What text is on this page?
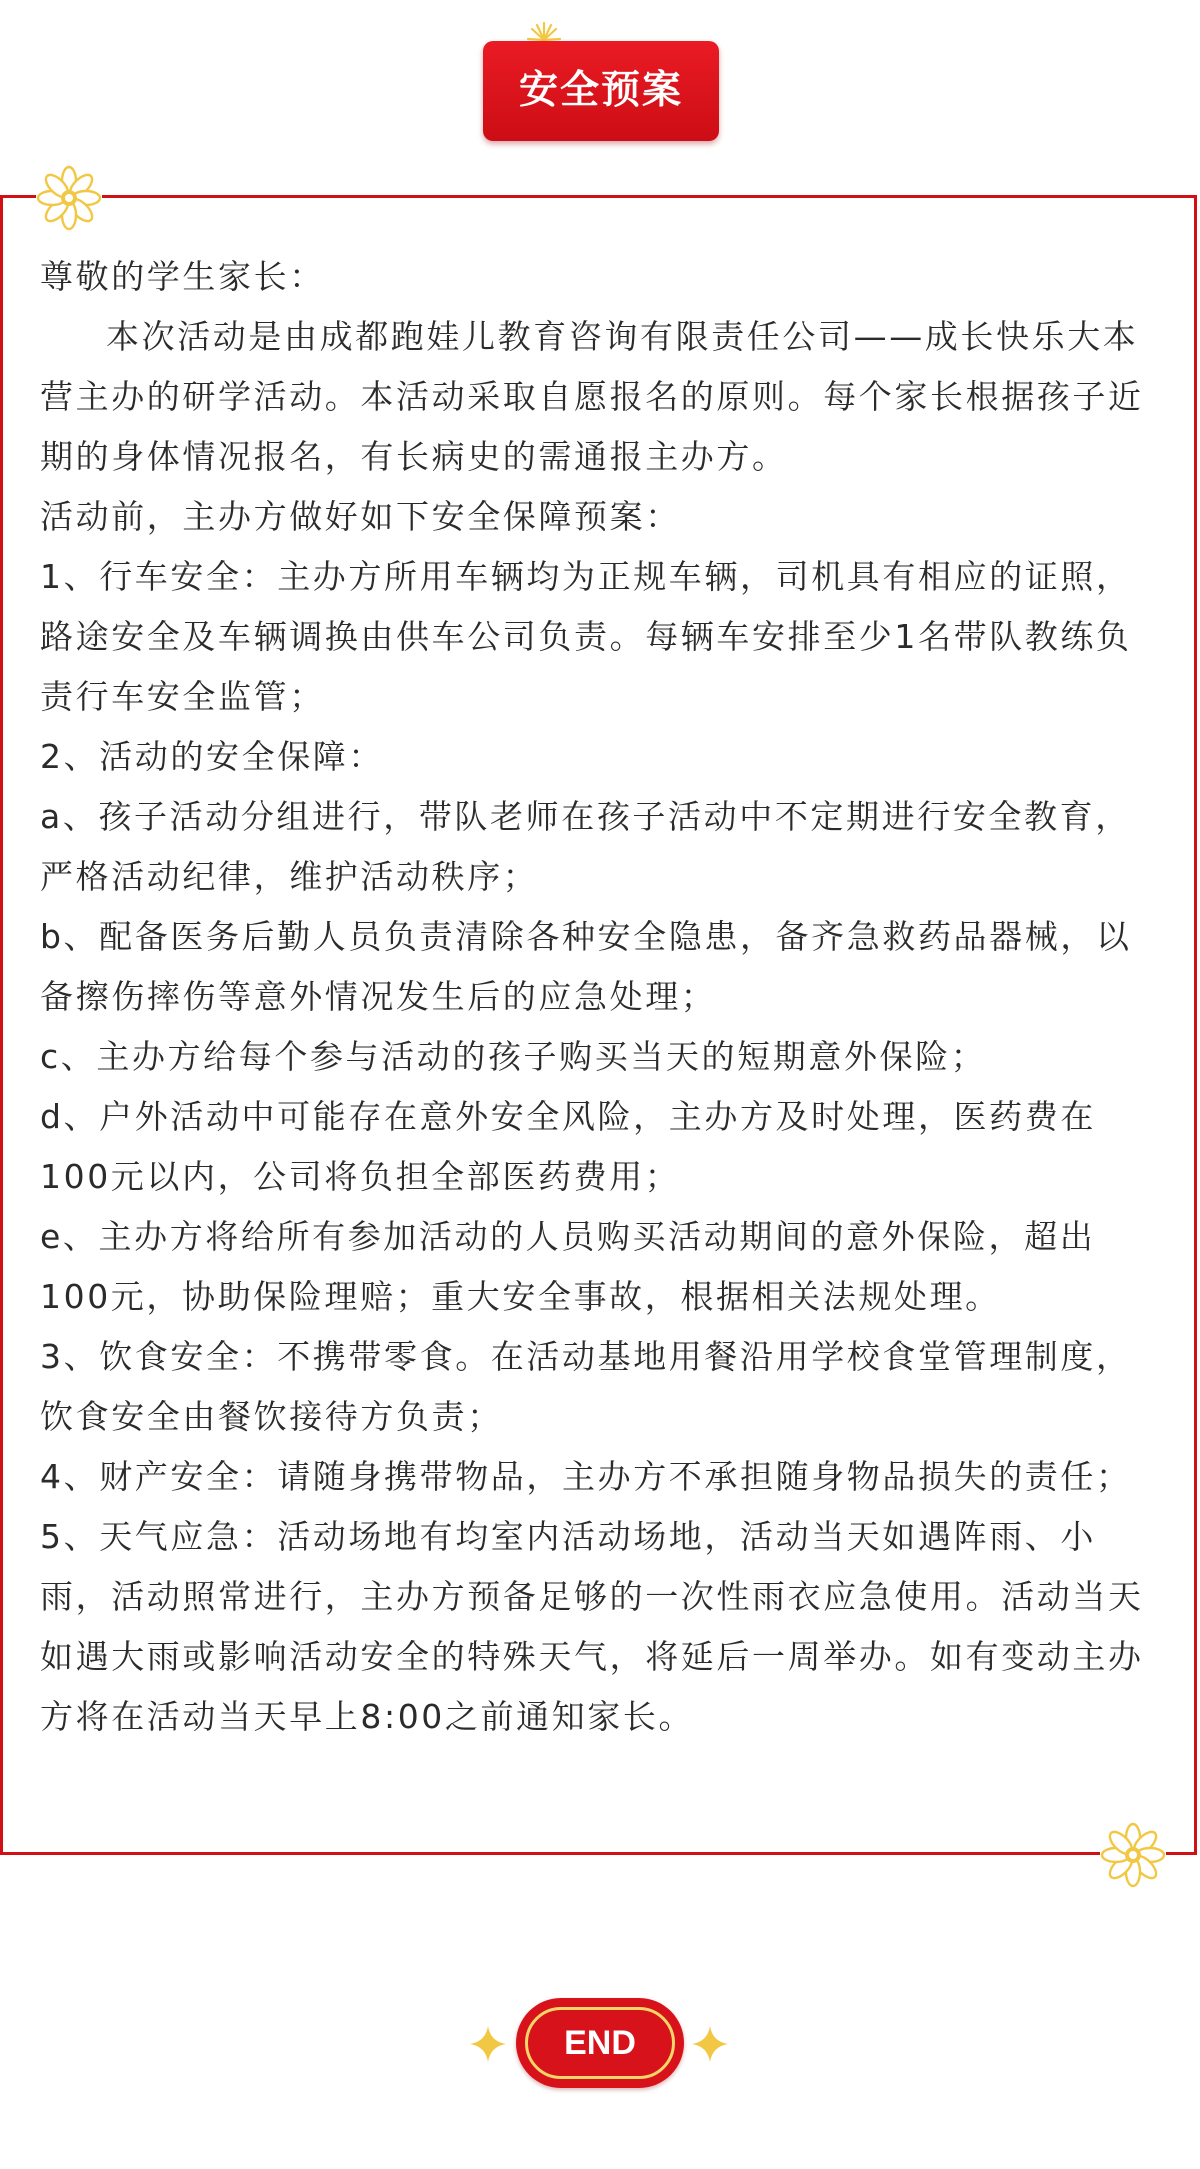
安全预案

尊敬的学生家长：

本次活动是由成都跑娃儿教育咨询有限责任公司——成长快乐大本营主办的研学活动。本活动采取自愿报名的原则。每个家长根据孩子近期的身体情况报名，有长病史的需通报主办方。

活动前，主办方做好如下安全保障预案：

1、行车安全：主办方所用车辆均为正规车辆，司机具有相应的证照，路途安全及车辆调换由供车公司负责。每辆车安排至少1名带队教练负责行车安全监管；

2、活动的安全保障：

a、孩子活动分组进行，带队老师在孩子活动中不定期进行安全教育，严格活动纪律，维护活动秩序；

b、配备医务后勤人员负责清除各种安全隐患，备齐急救药品器械，以备擦伤摔伤等意外情况发生后的应急处理；

c、主办方给每个参与活动的孩子购买当天的短期意外保险；

d、户外活动中可能存在意外安全风险，主办方及时处理，医药费在100元以内，公司将负担全部医药费用；

e、主办方将给所有参加活动的人员购买活动期间的意外保险，超出100元，协助保险理赔；重大安全事故，根据相关法规处理。

3、饮食安全：不携带零食。在活动基地用餐沿用学校食堂管理制度，饮食安全由餐饮接待方负责；

4、财产安全：请随身携带物品，主办方不承担随身物品损失的责任；

5、天气应急：活动场地有均室内活动场地，活动当天如遇阵雨、小雨，活动照常进行，主办方预备足够的一次性雨衣应急使用。活动当天如遇大雨或影响活动安全的特殊天气，将延后一周举办。如有变动主办方将在活动当天早上8:00之前通知家长。

END
